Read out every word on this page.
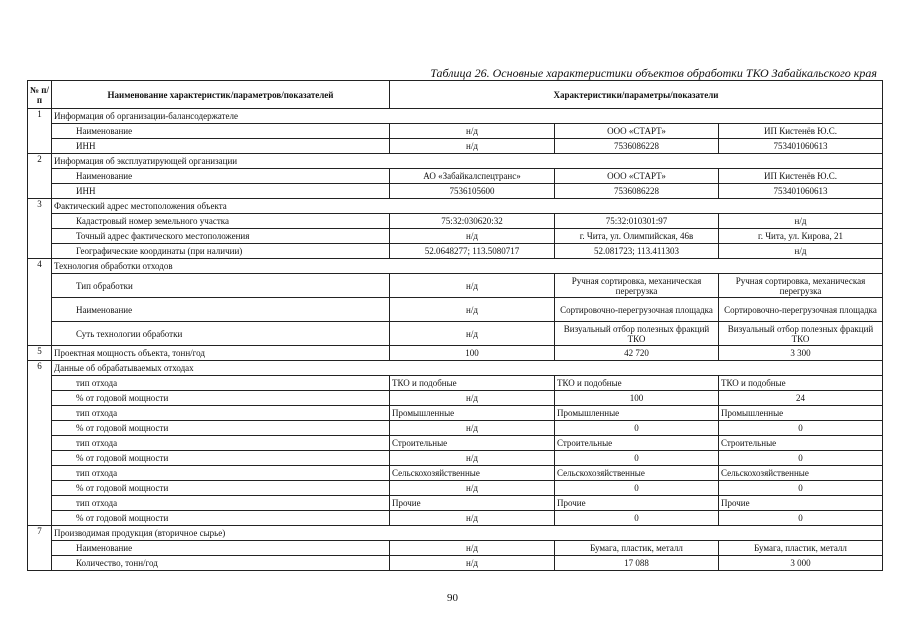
Таблица 26. Основные характеристики объектов обработки ТКО Забайкальского края
№ п/п	Наименование характеристик/параметров/показателей	Характеристики/параметры/показатели		
1	Информация об организации-балансодержателе			
	Наименование	н/д	ООО «СТАРТ»	ИП Кистенёв Ю.С.
	ИНН	н/д	7536086228	753401060613
2	Информация об эксплуатирующей организации			
	Наименование	АО «Забайкалспецтранс»	ООО «СТАРТ»	ИП Кистенёв Ю.С.
	ИНН	7536105600	7536086228	753401060613
3	Фактический адрес местоположения объекта			
	Кадастровый номер земельного участка	75:32:030620:32	75:32:010301:97	н/д
	Точный адрес фактического местоположения	н/д	г. Чита, ул. Олимпийская, 46в	г. Чита, ул. Кирова, 21
	Географические координаты (при наличии)	52.0648277; 113.5080717	52.081723; 113.411303	н/д
4	Технология обработки отходов			
	Тип обработки	н/д	Ручная сортировка, механическая перегрузка	Ручная сортировка, механическая перегрузка
	Наименование	н/д	Сортировочно-перегрузочная площадка	Сортировочно-перегрузочная площадка
	Суть технологии обработки	н/д	Визуальный отбор полезных фракций ТКО	Визуальный отбор полезных фракций ТКО
5	Проектная мощность объекта, тонн/год	100	42 720	3 300
6	Данные об обрабатываемых отходах			
	тип отхода	ТКО и подобные	ТКО и подобные	ТКО и подобные
	% от годовой мощности	н/д	100	24
	тип отхода	Промышленные	Промышленные	Промышленные
	% от годовой мощности	н/д	0	0
	тип отхода	Строительные	Строительные	Строительные
	% от годовой мощности	н/д	0	0
	тип отхода	Сельскохозяйственные	Сельскохозяйственные	Сельскохозяйственные
	% от годовой мощности	н/д	0	0
	тип отхода	Прочие	Прочие	Прочие
	% от годовой мощности	н/д	0	0
7	Производимая продукция (вторичное сырье)			
	Наименование	н/д	Бумага, пластик, металл	Бумага, пластик, металл
	Количество, тонн/год	н/д	17 088	3 000
90
